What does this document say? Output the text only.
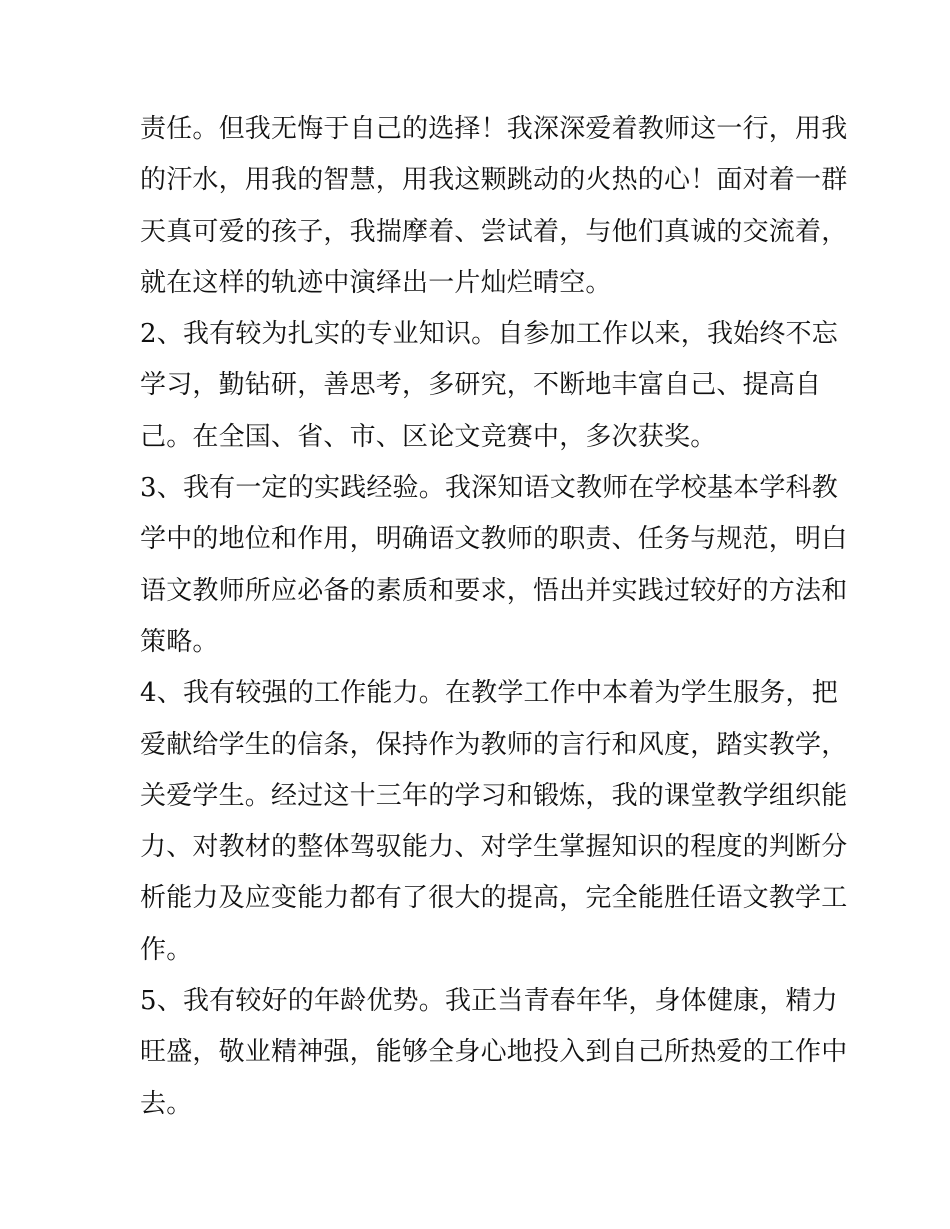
责任。但我无悔于自己的选择！我深深爱着教师这一行，用我
的汗水，用我的智慧，用我这颗跳动的火热的心！面对着一群
天真可爱的孩子，我揣摩着、尝试着，与他们真诚的交流着，
就在这样的轨迹中演绎出一片灿烂晴空。
2、我有较为扎实的专业知识。自参加工作以来，我始终不忘
学习，勤钻研，善思考，多研究，不断地丰富自己、提高自
己。在全国、省、市、区论文竞赛中，多次获奖。
3、我有一定的实践经验。我深知语文教师在学校基本学科教
学中的地位和作用，明确语文教师的职责、任务与规范，明白
语文教师所应必备的素质和要求，悟出并实践过较好的方法和
策略。
4、我有较强的工作能力。在教学工作中本着为学生服务，把
爱献给学生的信条，保持作为教师的言行和风度，踏实教学，
关爱学生。经过这十三年的学习和锻炼，我的课堂教学组织能
力、对教材的整体驾驭能力、对学生掌握知识的程度的判断分
析能力及应变能力都有了很大的提高，完全能胜任语文教学工
作。
5、我有较好的年龄优势。我正当青春年华，身体健康，精力
旺盛，敬业精神强，能够全身心地投入到自己所热爱的工作中
去。
